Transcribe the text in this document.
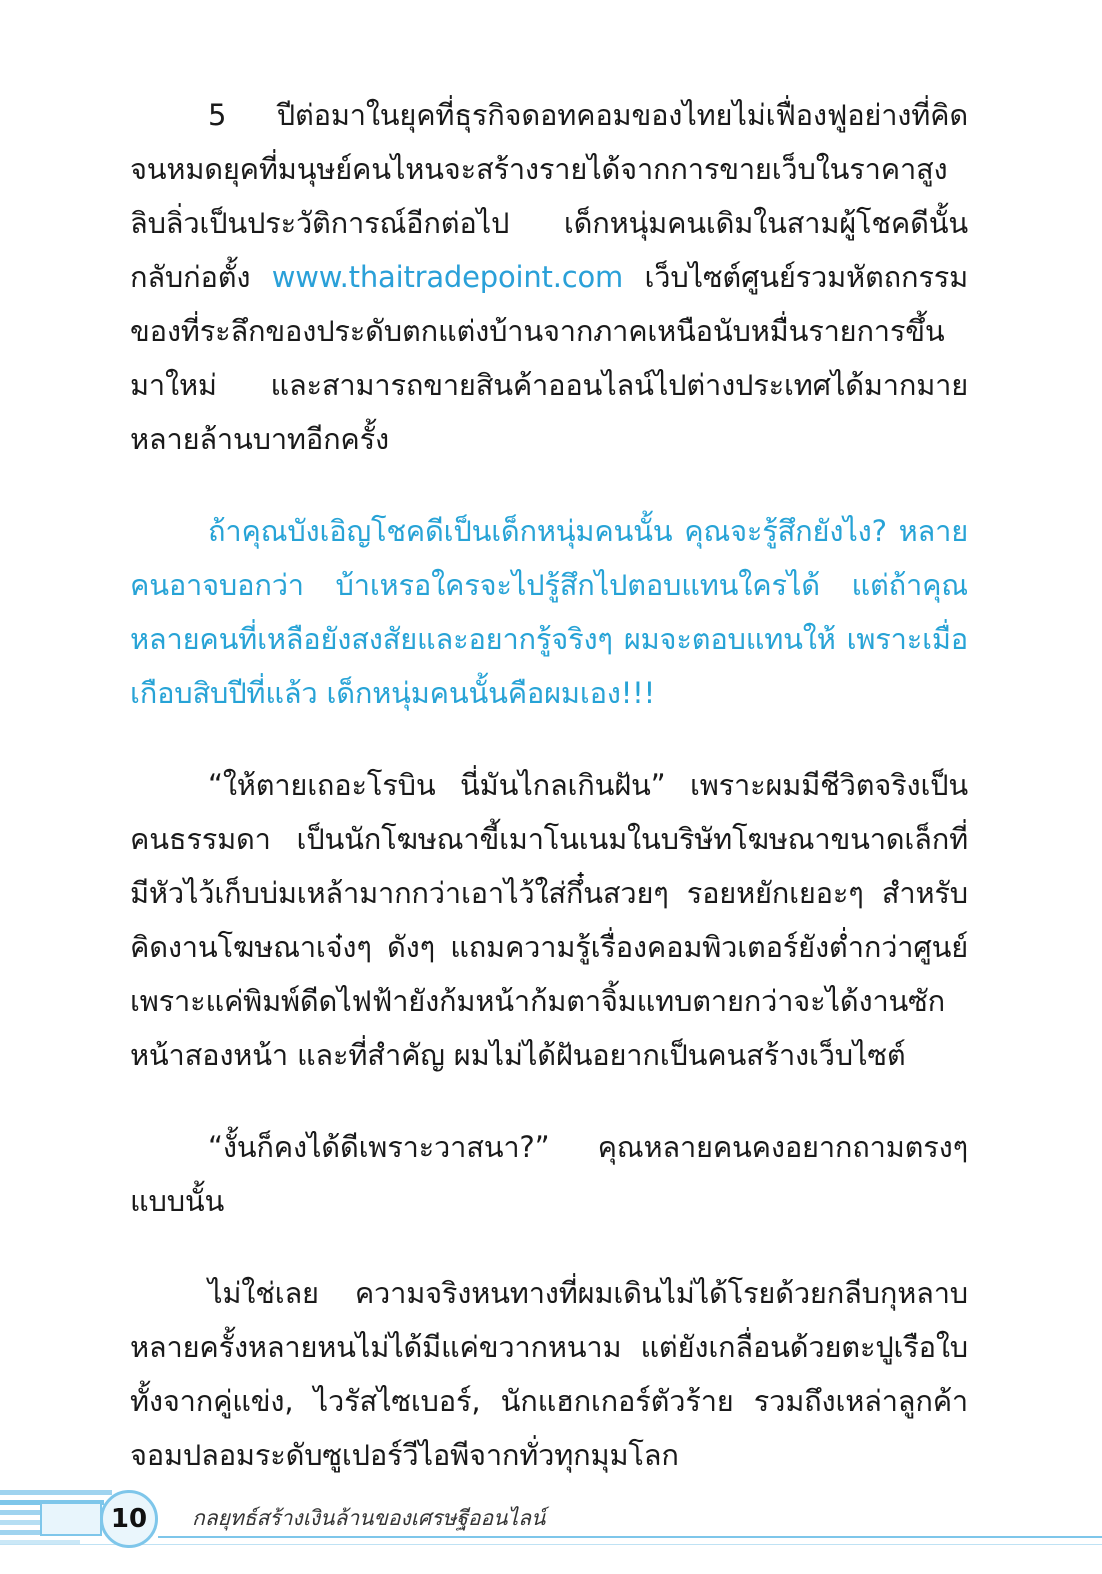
5 ปีต่อมาในยุคที่ธุรกิจดอทคอมของไทยไม่เฟื่องฟูอย่างที่คิด จนหมดยุคที่มนุษย์คนไหนจะสร้างรายได้จากการขายเว็บในราคาสูงลิบลิ่วเป็นประวัติการณ์อีกต่อไป เด็กหนุ่มคนเดิมในสามผู้โชคดีนั้นกลับก่อตั้ง www.thaitradepoint.com เว็บไซต์ศูนย์รวมหัตถกรรมของที่ระลึกของประดับตกแต่งบ้านจากภาคเหนือนับหมื่นรายการขึ้นมาใหม่ และสามารถขายสินค้าออนไลน์ไปต่างประเทศได้มากมายหลายล้านบาทอีกครั้ง

ถ้าคุณบังเอิญโชคดีเป็นเด็กหนุ่มคนนั้น คุณจะรู้สึกยังไง? หลายคนอาจบอกว่า บ้าเหรอใครจะไปรู้สึกไปตอบแทนใครได้ แต่ถ้าคุณหลายคนที่เหลือยังสงสัยและอยากรู้จริงๆ ผมจะตอบแทนให้ เพราะเมื่อเกือบสิบปีที่แล้ว เด็กหนุ่มคนนั้นคือผมเอง!!!

“ให้ตายเถอะโรบิน นี่มันไกลเกินฝัน” เพราะผมมีชีวิตจริงเป็นคนธรรมดา เป็นนักโฆษณาขี้เมาโนเนมในบริษัทโฆษณาขนาดเล็กที่มีหัวไว้เก็บบ่มเหล้ามากกว่าเอาไว้ใส่กึ๋นสวยๆ รอยหยักเยอะๆ สำหรับคิดงานโฆษณาเจ๋งๆ ดังๆ แถมความรู้เรื่องคอมพิวเตอร์ยังต่ำกว่าศูนย์ เพราะแค่พิมพ์ดีดไฟฟ้ายังก้มหน้าก้มตาจิ้มแทบตายกว่าจะได้งานซักหน้าสองหน้า และที่สำคัญ ผมไม่ได้ฝันอยากเป็นคนสร้างเว็บไซต์

“งั้นก็คงได้ดีเพราะวาสนา?” คุณหลายคนคงอยากถามตรงๆแบบนั้น

ไม่ใช่เลย ความจริงหนทางที่ผมเดินไม่ได้โรยด้วยกลีบกุหลาบหลายครั้งหลายหนไม่ได้มีแค่ขวากหนาม แต่ยังเกลื่อนด้วยตะปูเรือใบทั้งจากคู่แข่ง, ไวรัสไซเบอร์, นักแฮกเกอร์ตัวร้าย รวมถึงเหล่าลูกค้าจอมปลอมระดับซูเปอร์วีไอพีจากทั่วทุกมุมโลก

10	กลยุทธ์สร้างเงินล้านของเศรษฐีออนไลน์
